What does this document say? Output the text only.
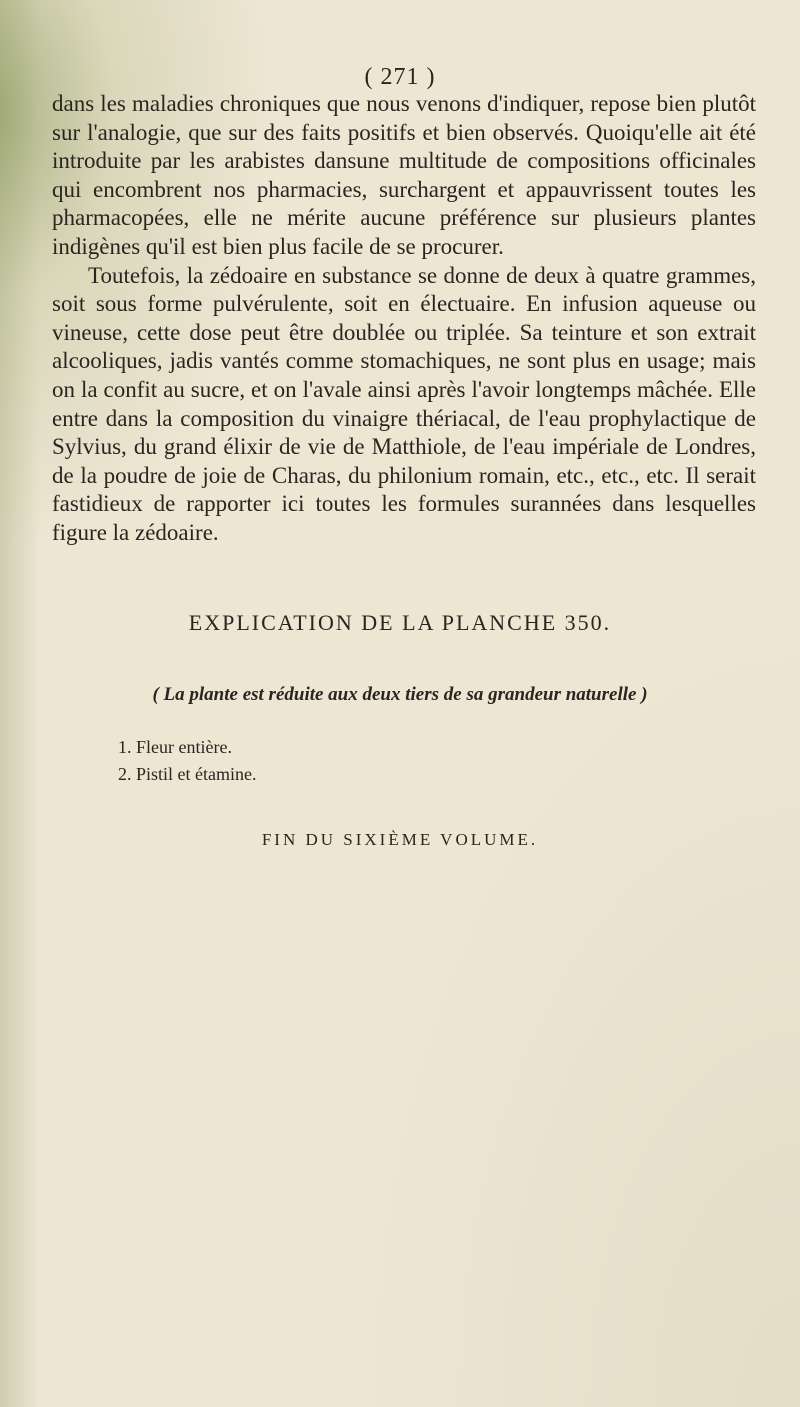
( 271 )

dans les maladies chroniques que nous venons d'indiquer, repose bien plutôt sur l'analogie, que sur des faits positifs et bien observés. Quoiqu'elle ait été introduite par les arabistes dansune multitude de compositions officinales qui encombrent nos pharmacies, surchargent et appauvrissent toutes les pharmacopées, elle ne mérite aucune préférence sur plusieurs plantes indigènes qu'il est bien plus facile de se procurer.

Toutefois, la zédoaire en substance se donne de deux à quatre grammes, soit sous forme pulvérulente, soit en électuaire. En infusion aqueuse ou vineuse, cette dose peut être doublée ou triplée. Sa teinture et son extrait alcooliques, jadis vantés comme stomachiques, ne sont plus en usage; mais on la confit au sucre, et on l'avale ainsi après l'avoir longtemps mâchée. Elle entre dans la composition du vinaigre thériacal, de l'eau prophylactique de Sylvius, du grand élixir de vie de Matthiole, de l'eau impériale de Londres, de la poudre de joie de Charas, du philonium romain, etc., etc., etc. Il serait fastidieux de rapporter ici toutes les formules surannées dans lesquelles figure la zédoaire.

EXPLICATION DE LA PLANCHE 350.
( La plante est réduite aux deux tiers de sa grandeur naturelle )
1. Fleur entière.
2. Pistil et étamine.
FIN DU SIXIÈME VOLUME.
